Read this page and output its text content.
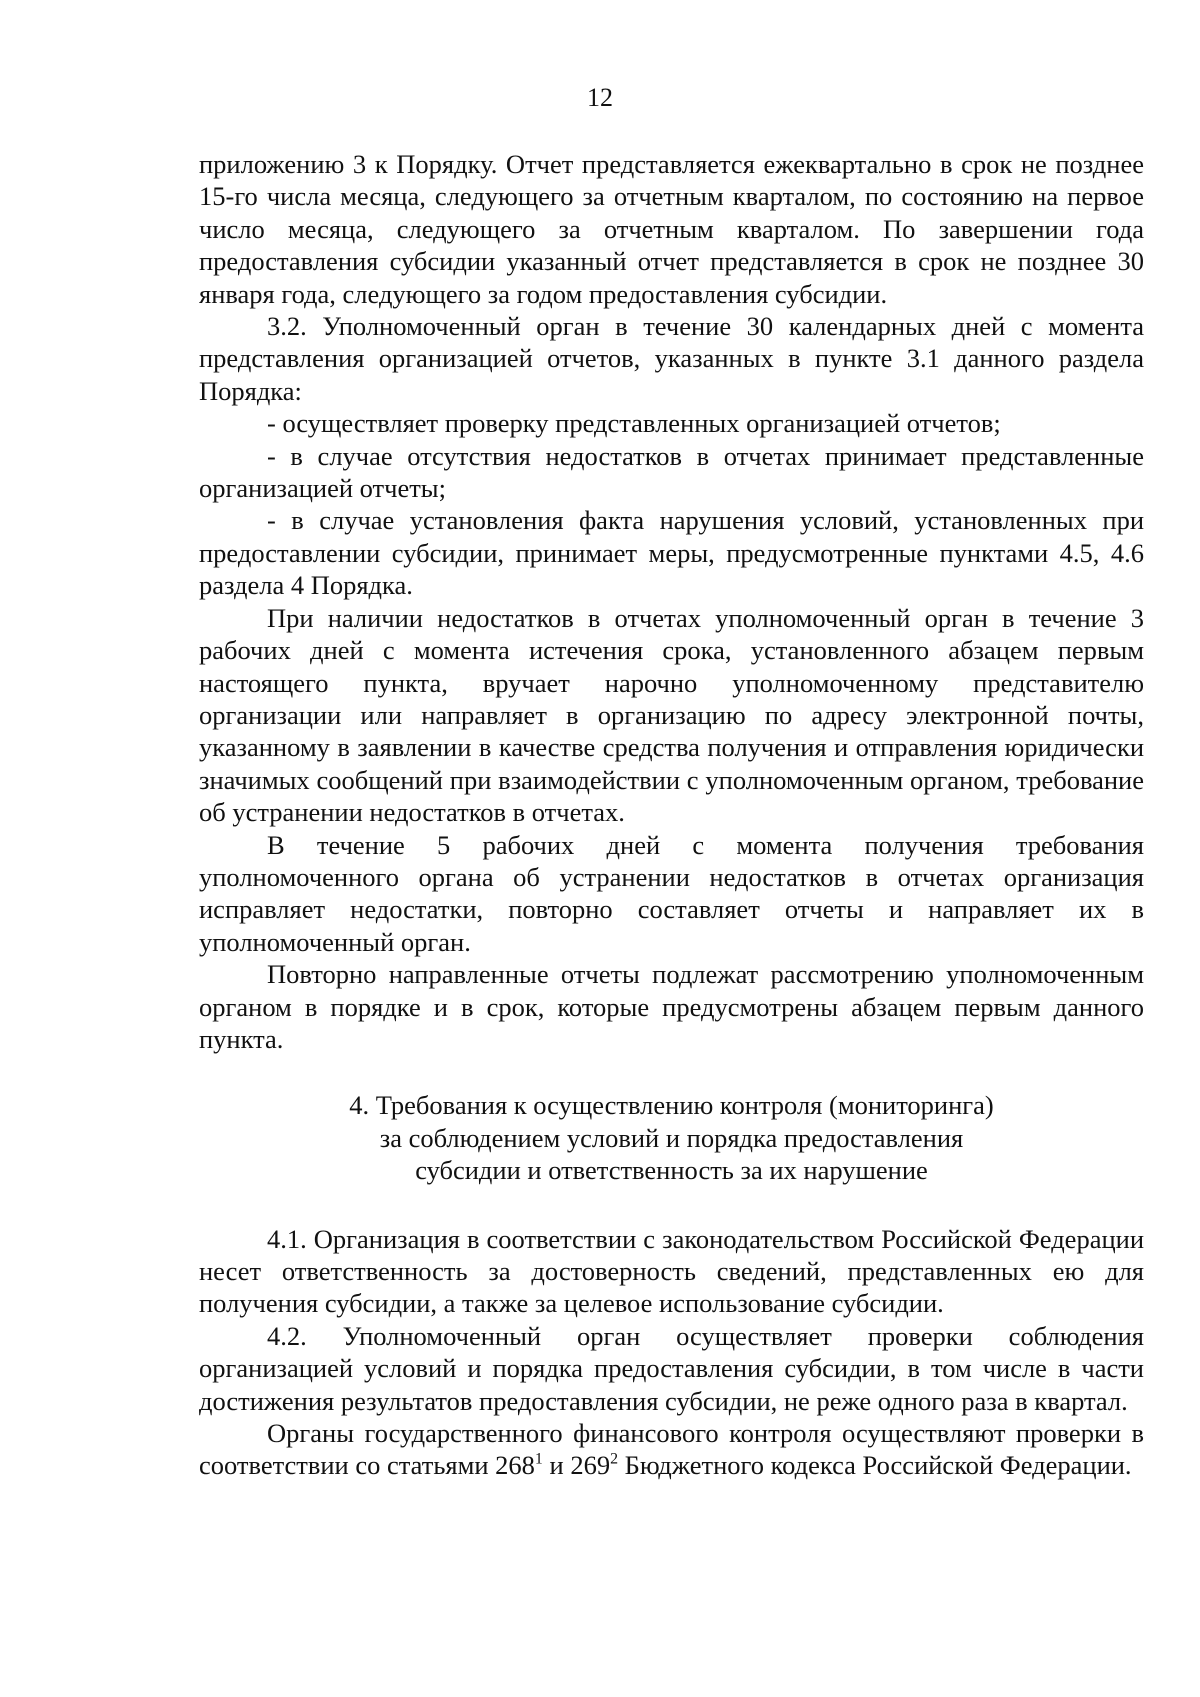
12

приложению 3 к Порядку. Отчет представляется ежеквартально в срок не позднее 15-го числа месяца, следующего за отчетным кварталом, по состоянию на первое число месяца, следующего за отчетным кварталом. По завершении года предоставления субсидии указанный отчет представляется в срок не позднее 30 января года, следующего за годом предоставления субсидии.

3.2. Уполномоченный орган в течение 30 календарных дней с момента представления организацией отчетов, указанных в пункте 3.1 данного раздела Порядка:

- осуществляет проверку представленных организацией отчетов;

- в случае отсутствия недостатков в отчетах принимает представленные организацией отчеты;

- в случае установления факта нарушения условий, установленных при предоставлении субсидии, принимает меры, предусмотренные пунктами 4.5, 4.6 раздела 4 Порядка.

При наличии недостатков в отчетах уполномоченный орган в течение 3 рабочих дней с момента истечения срока, установленного абзацем первым настоящего пункта, вручает нарочно уполномоченному представителю организации или направляет в организацию по адресу электронной почты, указанному в заявлении в качестве средства получения и отправления юридически значимых сообщений при взаимодействии с уполномоченным органом, требование об устранении недостатков в отчетах.

В течение 5 рабочих дней с момента получения требования уполномоченного органа об устранении недостатков в отчетах организация исправляет недостатки, повторно составляет отчеты и направляет их в уполномоченный орган.

Повторно направленные отчеты подлежат рассмотрению уполномоченным органом в порядке и в срок, которые предусмотрены абзацем первым данного пункта.

4. Требования к осуществлению контроля (мониторинга)
за соблюдением условий и порядка предоставления
субсидии и ответственность за их нарушение

4.1. Организация в соответствии с законодательством Российской Федерации несет ответственность за достоверность сведений, представленных ею для получения субсидии, а также за целевое использование субсидии.

4.2. Уполномоченный орган осуществляет проверки соблюдения организацией условий и порядка предоставления субсидии, в том числе в части достижения результатов предоставления субсидии, не реже одного раза в квартал.

Органы государственного финансового контроля осуществляют проверки в соответствии со статьями $268^1$ и $269^2$ Бюджетного кодекса Российской Федерации.
